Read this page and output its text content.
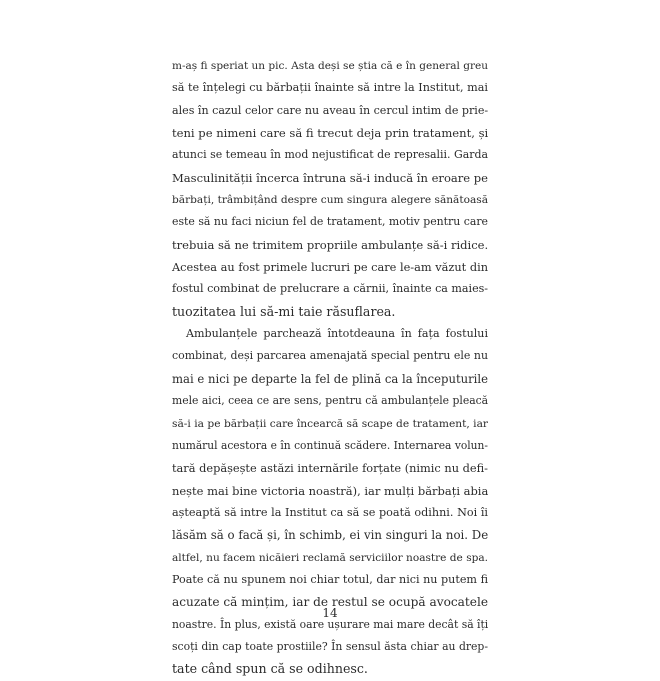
m-aș fi speriat un pic. Asta deși se știa că e în general greu
să te înțelegi cu bărbații înainte să intre la Institut, mai
ales în cazul celor care nu aveau în cercul intim de prie-
teni pe nimeni care să fi trecut deja prin tratament, și
atunci se temeau în mod nejustificat de represalii. Garda
Masculinității încerca întruna să-i inducă în eroare pe
bărbați, trâmbițând despre cum singura alegere sănătoasă
este să nu faci niciun fel de tratament, motiv pentru care
trebuia să ne trimitem propriile ambulanțe să-i ridice.
Acestea au fost primele lucruri pe care le-am văzut din
fostul combinat de prelucrare a cărnii, înainte ca maies-
tuozitatea lui să-mi taie răsuflarea.
Ambulanțele parchează întotdeauna în fața fostului
combinat, deși parcarea amenajată special pentru ele nu
mai e nici pe departe la fel de plină ca la începuturile
mele aici, ceea ce are sens, pentru că ambulanțele pleacă
să-i ia pe bărbații care încearcă să scape de tratament, iar
numărul acestora e în continuă scădere. Internarea volun-
tară depășește astăzi internările forțate (nimic nu defi-
nește mai bine victoria noastră), iar mulți bărbați abia
așteaptă să intre la Institut ca să se poată odihni. Noi îi
lăsăm să o facă și, în schimb, ei vin singuri la noi. De
altfel, nu facem nicăieri reclamă serviciilor noastre de spa.
Poate că nu spunem noi chiar totul, dar nici nu putem fi
acuzate că mințim, iar de restul se ocupă avocatele
noastre. În plus, există oare ușurare mai mare decât să îți
scoți din cap toate prostiile? În sensul ăsta chiar au drep-
tate când spun că se odihnesc.
14
